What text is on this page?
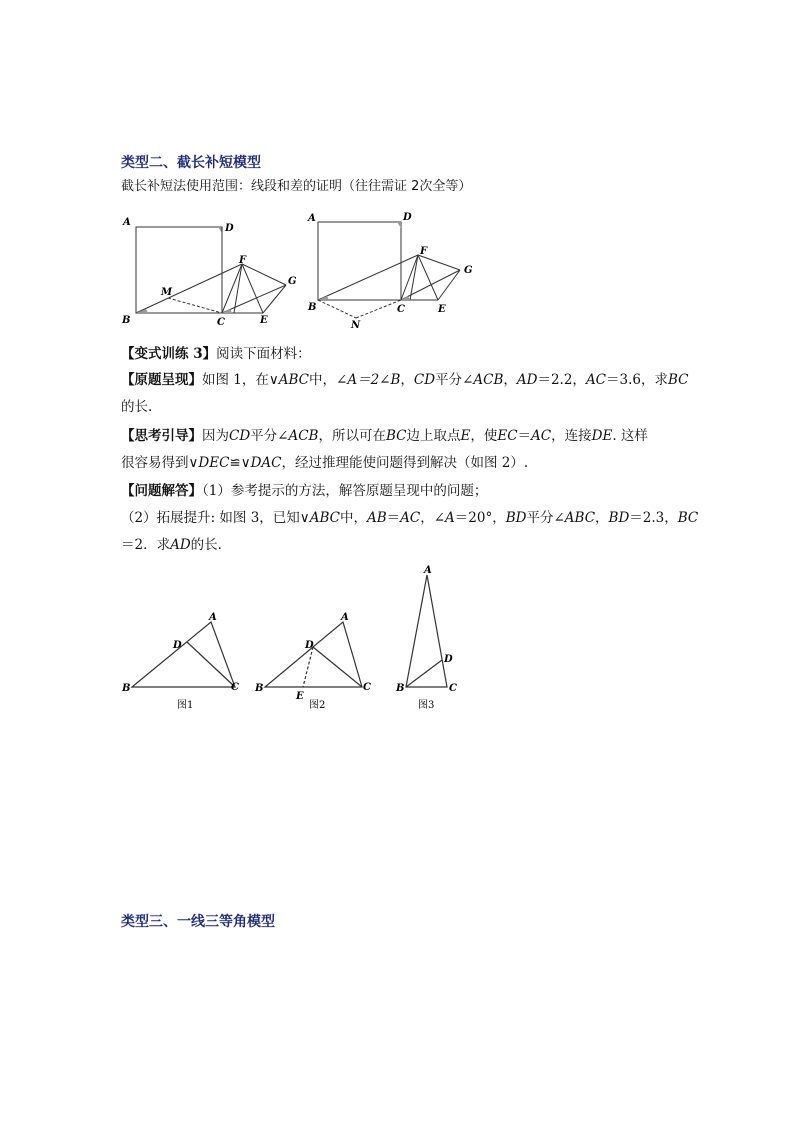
类型二、截长补短模型
截长补短法使用范围：线段和差的证明（往往需证 2次全等）
A
D
F
G
M
B	C	E
A	D
F
G
B	C	E
N
【变式训练 3】阅读下面材料：
【原题呈现】如图 1，在∨ABC中，∠A＝2∠B，CD平分∠ACB，AD＝2.2，AC＝3.6，求BC
的长.
【思考引导】因为CD平分∠ACB，所以可在BC边上取点E，使EC＝AC，连接DE. 这样
很容易得到∨DEC≌∨DAC，经过推理能使问题得到解决（如图 2）.
【问题解答】（1）参考提示的方法，解答原题呈现中的问题；
（2）拓展提升: 如图 3，已知∨ABC中，AB＝AC，∠A＝20°，BD平分∠ABC，BD＝2.3，BC
＝2．求AD的长．
A
D
B	C
图1
A
D
B	C
E
图2
A
D
B	C
图3
类型三、一线三等角模型
